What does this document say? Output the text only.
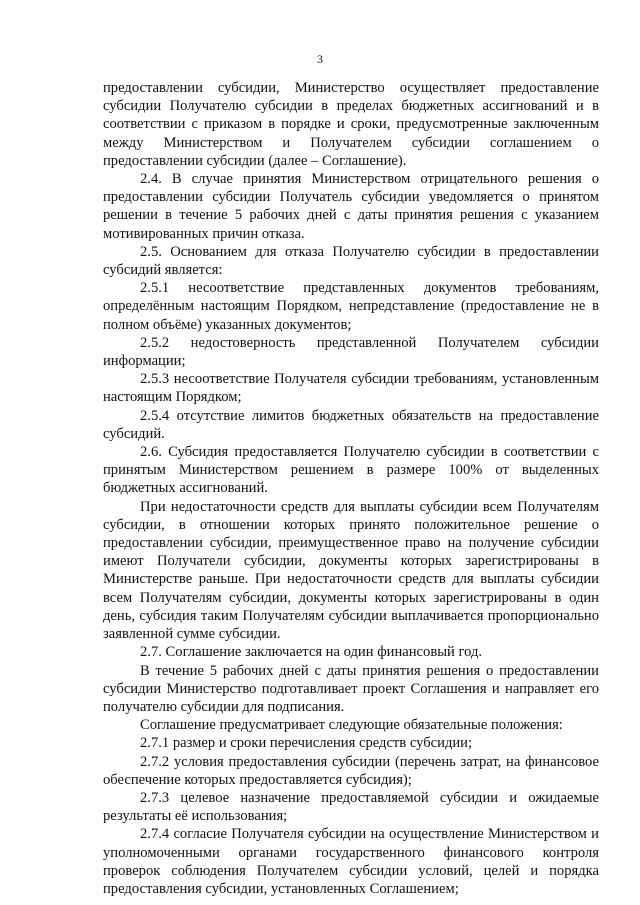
3

предоставлении субсидии, Министерство осуществляет предоставление субсидии Получателю субсидии в пределах бюджетных ассигнований и в соответствии с приказом в порядке и сроки, предусмотренные заключенным между Министерством и Получателем субсидии соглашением о предоставлении субсидии (далее – Соглашение).

2.4. В случае принятия Министерством отрицательного решения о предоставлении субсидии Получатель субсидии уведомляется о принятом решении в течение 5 рабочих дней с даты принятия решения с указанием мотивированных причин отказа.

2.5. Основанием для отказа Получателю субсидии в предоставлении субсидий является:

2.5.1 несоответствие представленных документов требованиям, определённым настоящим Порядком, непредставление (предоставление не в полном объёме) указанных документов;

2.5.2 недостоверность представленной Получателем субсидии информации;

2.5.3 несоответствие Получателя субсидии требованиям, установленным настоящим Порядком;

2.5.4 отсутствие лимитов бюджетных обязательств на предоставление субсидий.

2.6. Субсидия предоставляется Получателю субсидии в соответствии с принятым Министерством решением в размере 100% от выделенных бюджетных ассигнований.

При недостаточности средств для выплаты субсидии всем Получателям субсидии, в отношении которых принято положительное решение о предоставлении субсидии, преимущественное право на получение субсидии имеют Получатели субсидии, документы которых зарегистрированы в Министерстве раньше. При недостаточности средств для выплаты субсидии всем Получателям субсидии, документы которых зарегистрированы в один день, субсидия таким Получателям субсидии выплачивается пропорционально заявленной сумме субсидии.

2.7. Соглашение заключается на один финансовый год.

В течение 5 рабочих дней с даты принятия решения о предоставлении субсидии Министерство подготавливает проект Соглашения и направляет его получателю субсидии для подписания.

Соглашение предусматривает следующие обязательные положения:

2.7.1 размер и сроки перечисления средств субсидии;

2.7.2 условия предоставления субсидии (перечень затрат, на финансовое обеспечение которых предоставляется субсидия);

2.7.3 целевое назначение предоставляемой субсидии и ожидаемые результаты её использования;

2.7.4 согласие Получателя субсидии на осуществление Министерством и уполномоченными органами государственного финансового контроля проверок соблюдения Получателем субсидии условий, целей и порядка предоставления субсидии, установленных Соглашением;
